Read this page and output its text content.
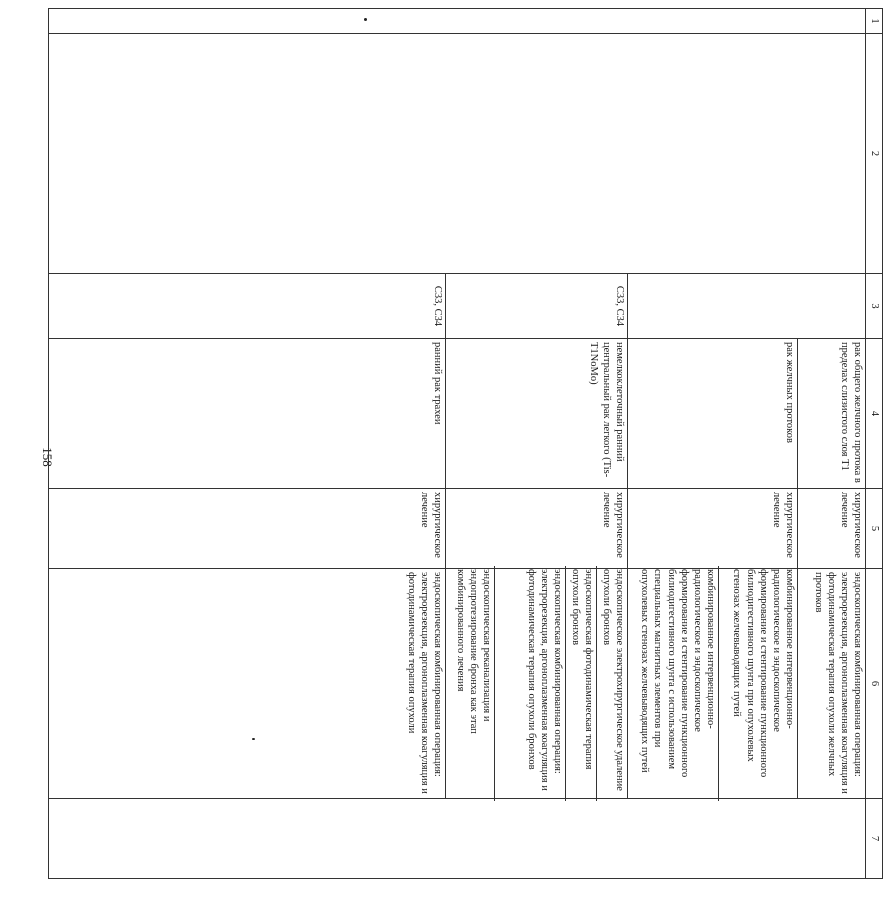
158
1	2	3	4	5	6	7
			рак общего желчного протока в пределах слизистого слоя Т1	хирургическое лечение	эндоскопическая комбинированная операция: электрорезекция, аргоноплазменная коагуляция и фотодинамическая терапия опухоли желчных протоков	
			рак желчных протоков	хирургическое лечение	комбинированное интервенционно-радиологическое и эндоскопическое формирование и стентирование пункционного билиодигестивного шунта при опухолевых стенозах желчевыводящих путей
комбинированное интервенционно-радиологическое и эндоскопическое формирование и стентирование пункционного билиодигестивного шунта с использованием специальных магнитных элементов при опухолевых стенозах желчевыводящих путей	

		С33, С34	немелкоклеточный ранний центральный рак легкого (Tis-T1NoMo)	хирургическое лечение	эндоскопическое электрохирургическое удаление опухоли бронхов
эндоскопическая фотодинамическая терапия опухоли бронхов
эндоскопическая комбинированная операция: электрорезекция, аргоноплазменная коагуляция и фотодинамическая терапия опухоли бронхов
эндоскопическая реканализация и эндопротезирование бронха как этап комбинированного лечения	

		С33, С34	ранний рак трахеи	хирургическое лечение	эндоскопическая комбинированная операция: электрорезекция, аргоноплазменная коагуляция и фотодинамическая терапия опухоли	
